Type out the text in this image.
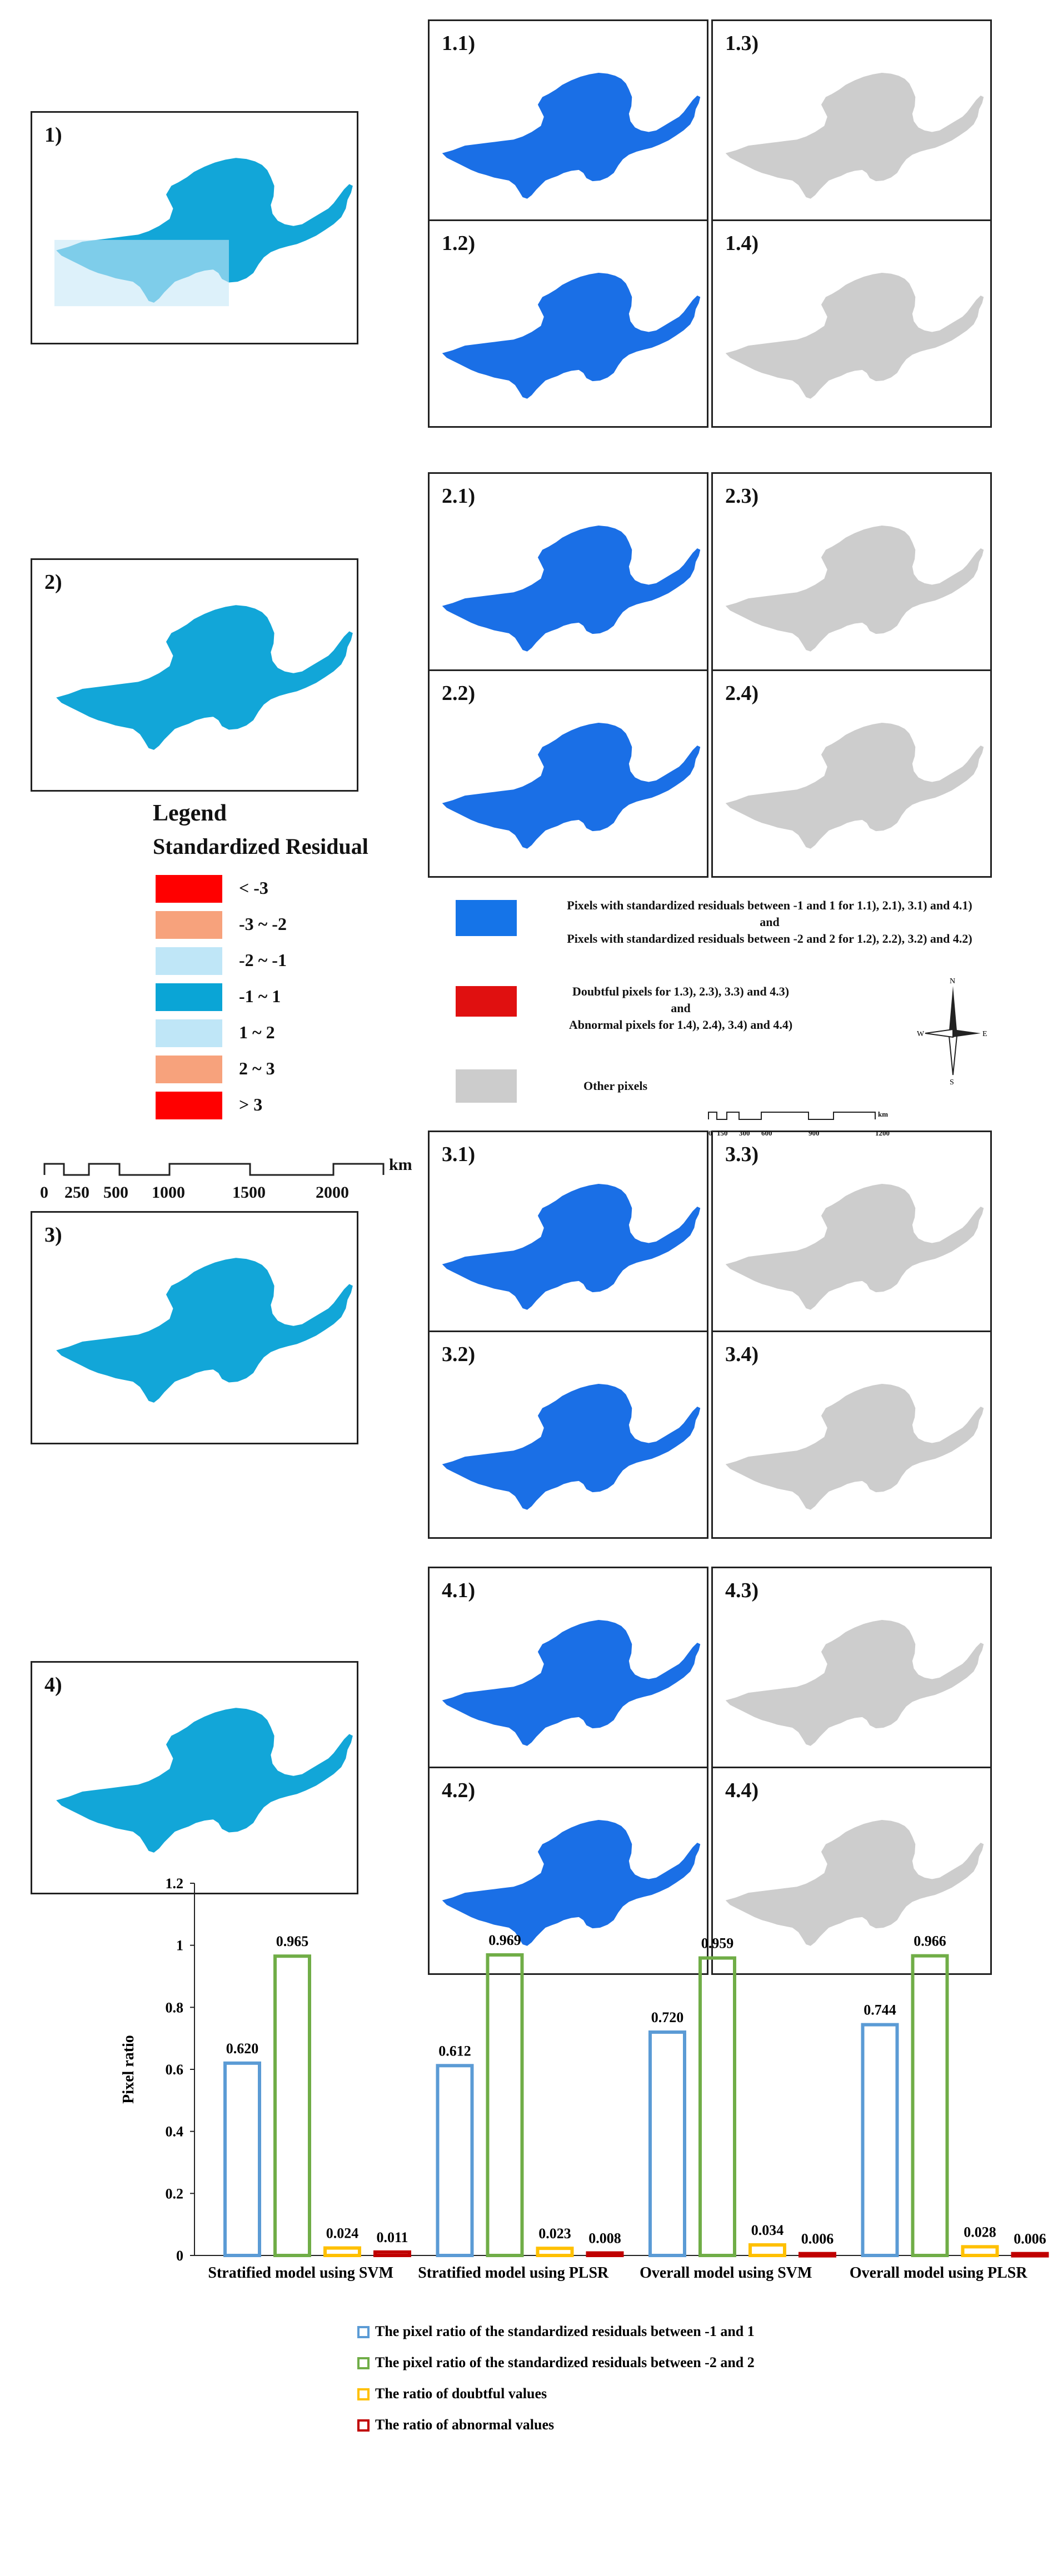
1)
2)
3)
4)
1.1)	1.3)
1.2)	1.4)
2.1)	2.3)
2.2)	2.4)
3.1)	3.3)
3.2)	3.4)
4.1)	4.3)
4.2)	4.4)
Legend
Standardized Residual
< -3
-3 ~ -2
-2 ~ -1
-1 ~ 1
1 ~ 2
2 ~ 3
> 3
0 250 500 1000	1500	2000
km
Pixels with standardized residuals between -1 and 1 for 1.1), 2.1), 3.1) and 4.1)
and
Pixels with standardized residuals between -2 and 2 for 1.2), 2.2), 3.2) and 4.2)
Doubtful pixels for 1.3), 2.3), 3.3) and 4.3)
and
Abnormal pixels for 1.4), 2.4), 3.4) and 4.4)
Other pixels
0 150 300 600	900	1200
km
N
S
W	E
0
0.2
0.4
0.6
0.8
1
1.2
Pixel ratio	0.620
0.965
0.024 0.011
Stratified model using SVM
0.612
0.969
0.023 0.008
Stratified model using PLSR
0.720
0.959
0.034
0.006
Overall model using SVM
0.744
0.966
0.028 0.006
Overall model using PLSR
The pixel ratio of the standardized residuals between -1 and 1
The pixel ratio of the standardized residuals between -2 and 2
The ratio of doubtful values
The ratio of abnormal values
